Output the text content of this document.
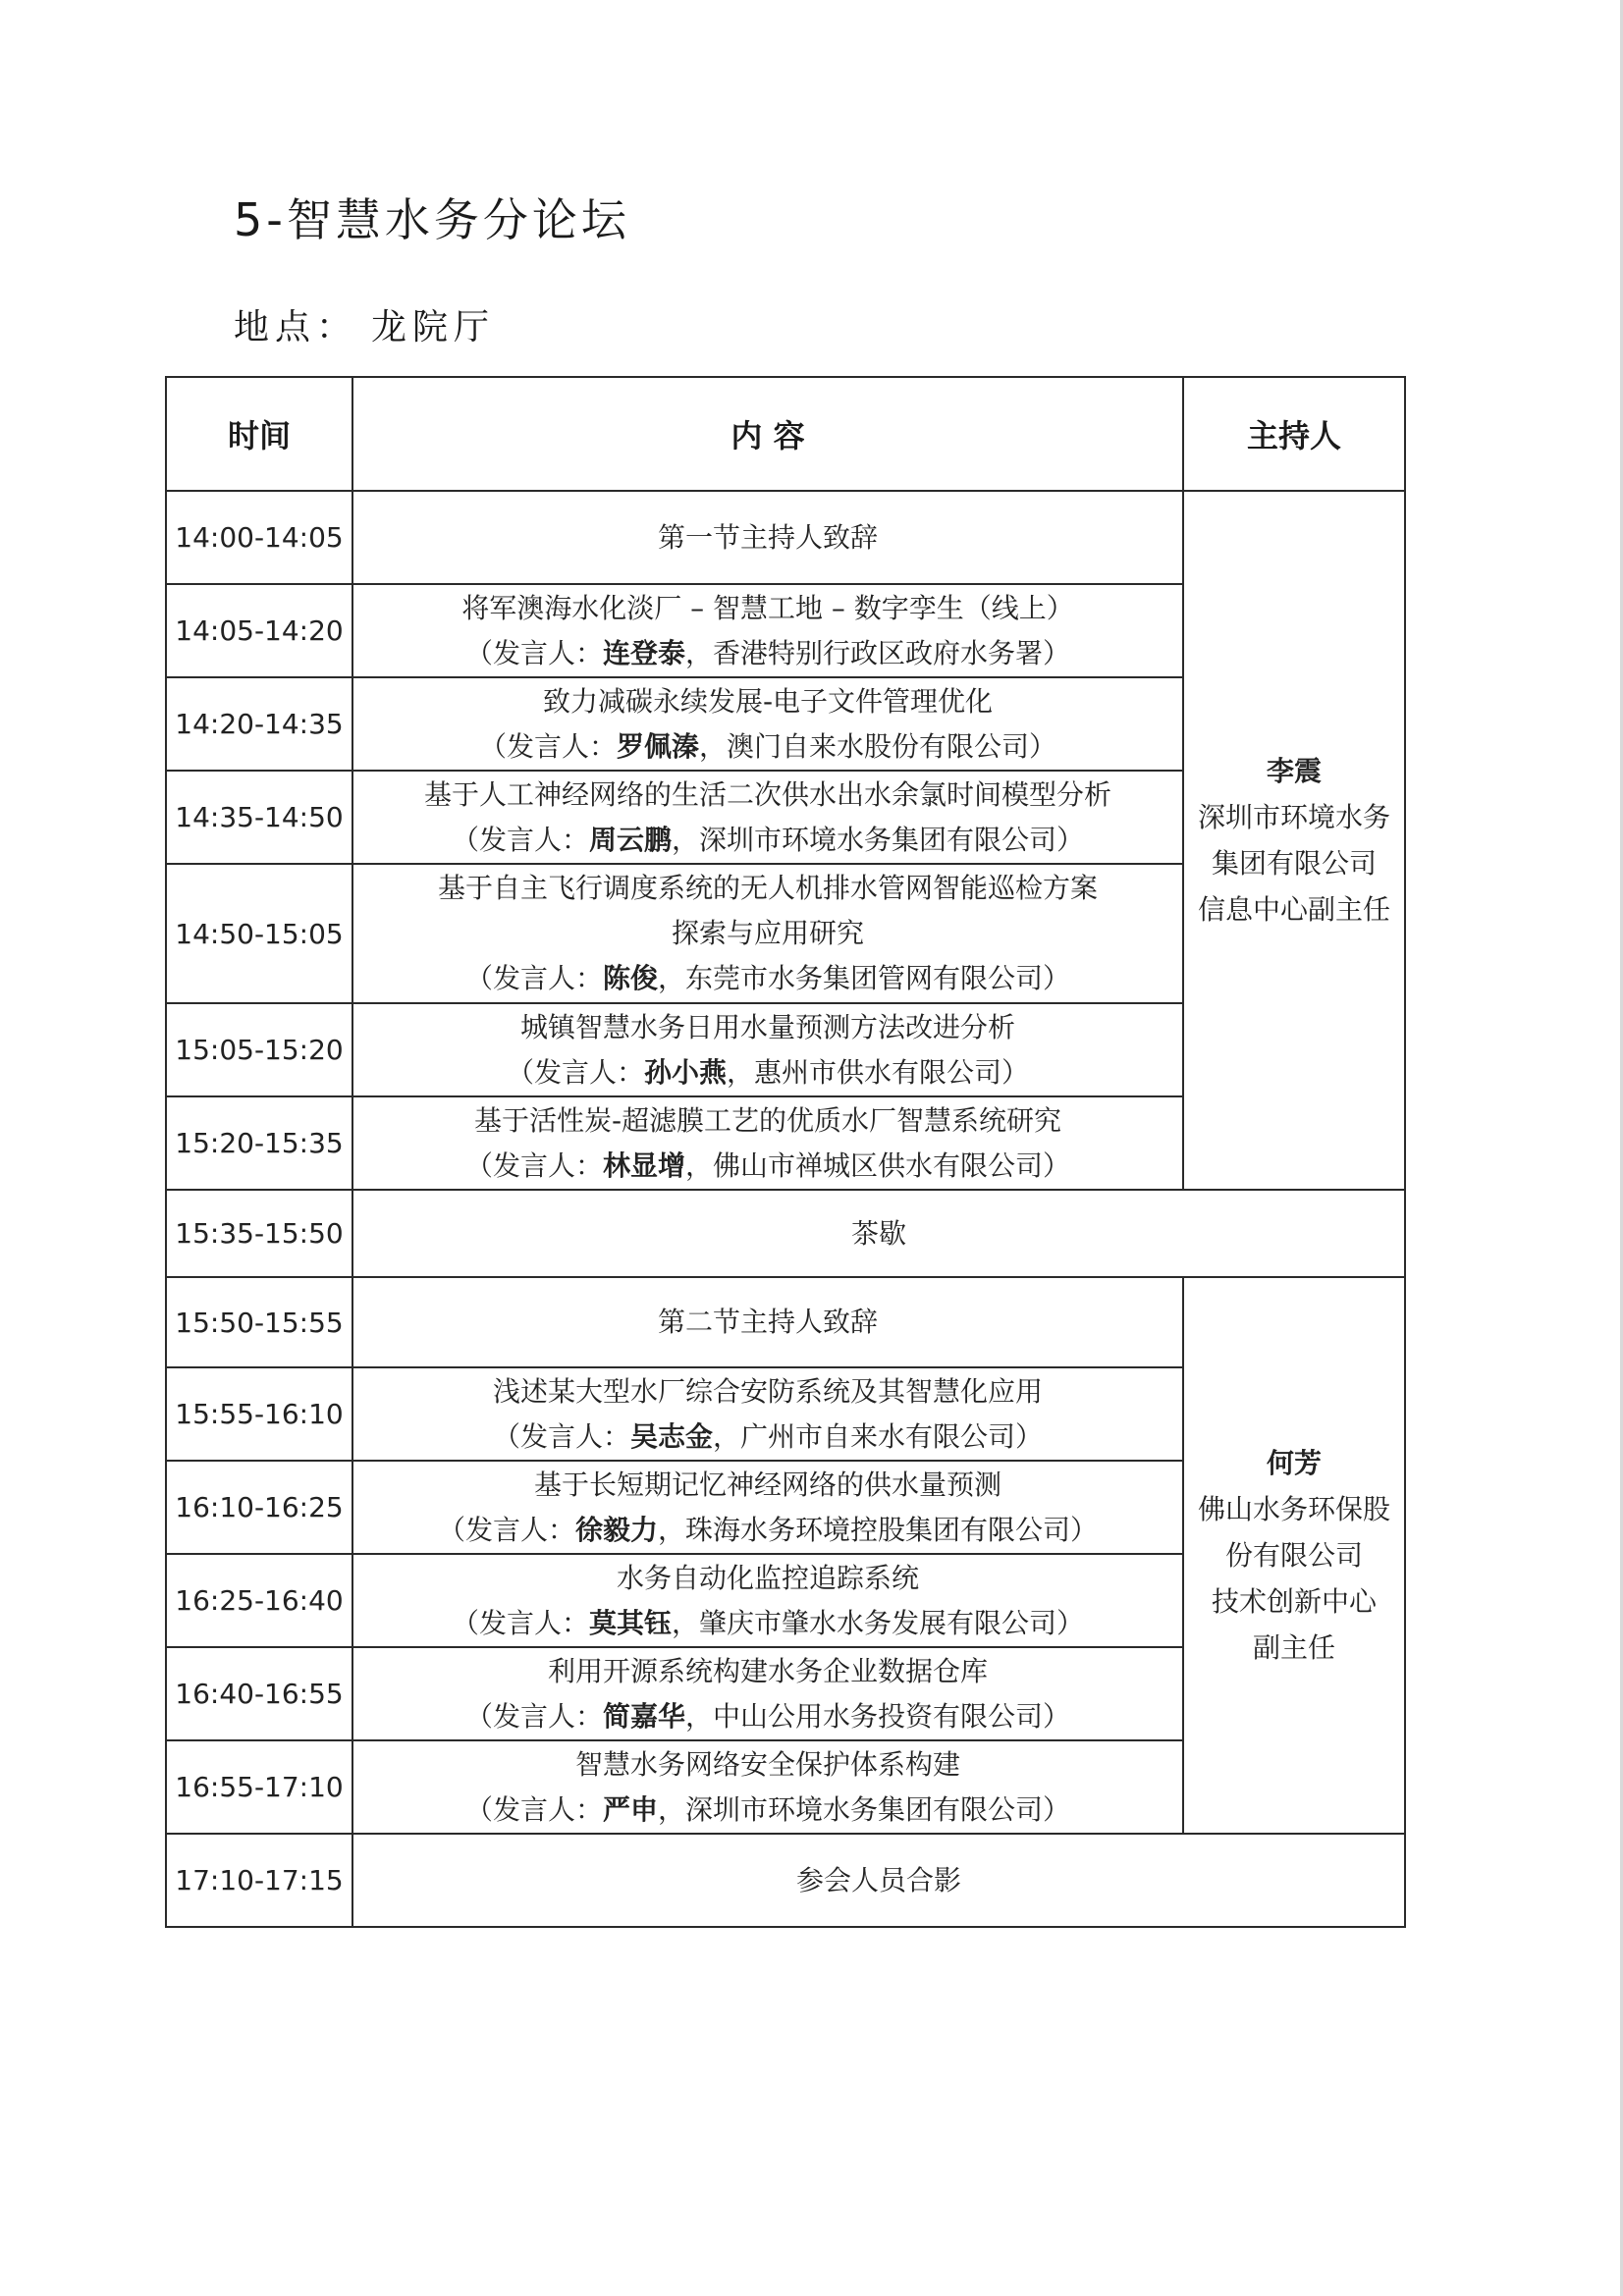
5-智慧水务分论坛
地点： 龙院厅
时间	内 容	主持人
14:00-14:05	第一节主持人致辞	李震
深圳市环境水务
集团有限公司
信息中心副主任

14:05-14:20	将军澳海水化淡厂 – 智慧工地 – 数字孪生（线上）
（发言人：连登泰，香港特别行政区政府水务署）	

14:20-14:35	致力减碳永续发展-电子文件管理优化
（发言人：罗佩溱，澳门自来水股份有限公司）	

14:35-14:50	基于人工神经网络的生活二次供水出水余氯时间模型分析
（发言人：周云鹏，深圳市环境水务集团有限公司）	

14:50-15:05	基于自主飞行调度系统的无人机排水管网智能巡检方案
探索与应用研究
（发言人：陈俊，东莞市水务集团管网有限公司）	

15:05-15:20	城镇智慧水务日用水量预测方法改进分析
（发言人：孙小燕，惠州市供水有限公司）	

15:20-15:35	基于活性炭-超滤膜工艺的优质水厂智慧系统研究
（发言人：林显增，佛山市禅城区供水有限公司）	

15:35-15:50	茶歇	
15:50-15:55	第二节主持人致辞	何芳
佛山水务环保股
份有限公司
技术创新中心
副主任

15:55-16:10	浅述某大型水厂综合安防系统及其智慧化应用
（发言人：吴志金，广州市自来水有限公司）	

16:10-16:25	基于长短期记忆神经网络的供水量预测
（发言人：徐毅力，珠海水务环境控股集团有限公司）	

16:25-16:40	水务自动化监控追踪系统
（发言人：莫其钰，肇庆市肇水水务发展有限公司）	

16:40-16:55	利用开源系统构建水务企业数据仓库
（发言人：简嘉华，中山公用水务投资有限公司）	

16:55-17:10	智慧水务网络安全保护体系构建
（发言人：严申，深圳市环境水务集团有限公司）	

17:10-17:15	参会人员合影	
